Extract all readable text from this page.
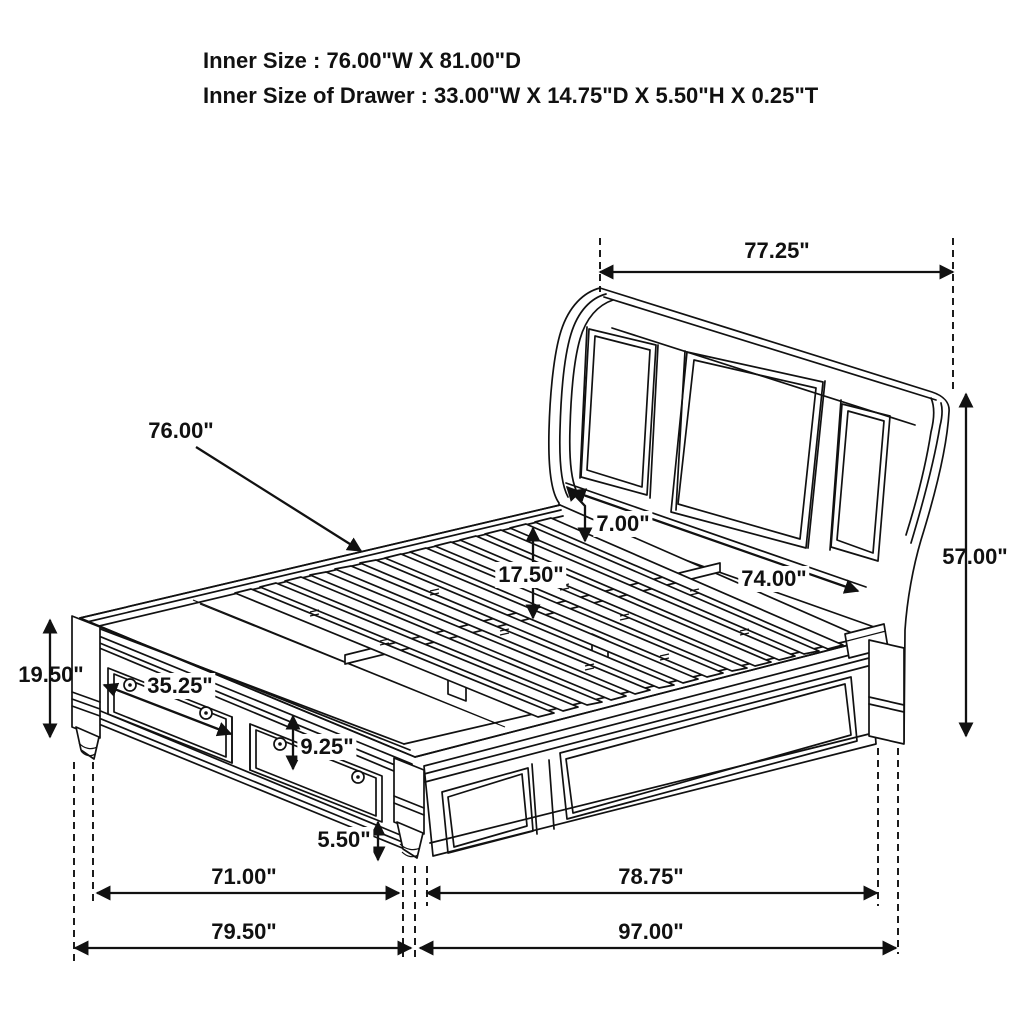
Inner Size : 76.00"W X 81.00"D
Inner Size of Drawer : 33.00"W X 14.75"D X 5.50"H X 0.25"T
77.25"
57.00"
76.00"
7.00"
17.50"	74.00"
19.50"	35.25"
9.25"
5.50"
71.00"	78.75"
79.50"	97.00"
